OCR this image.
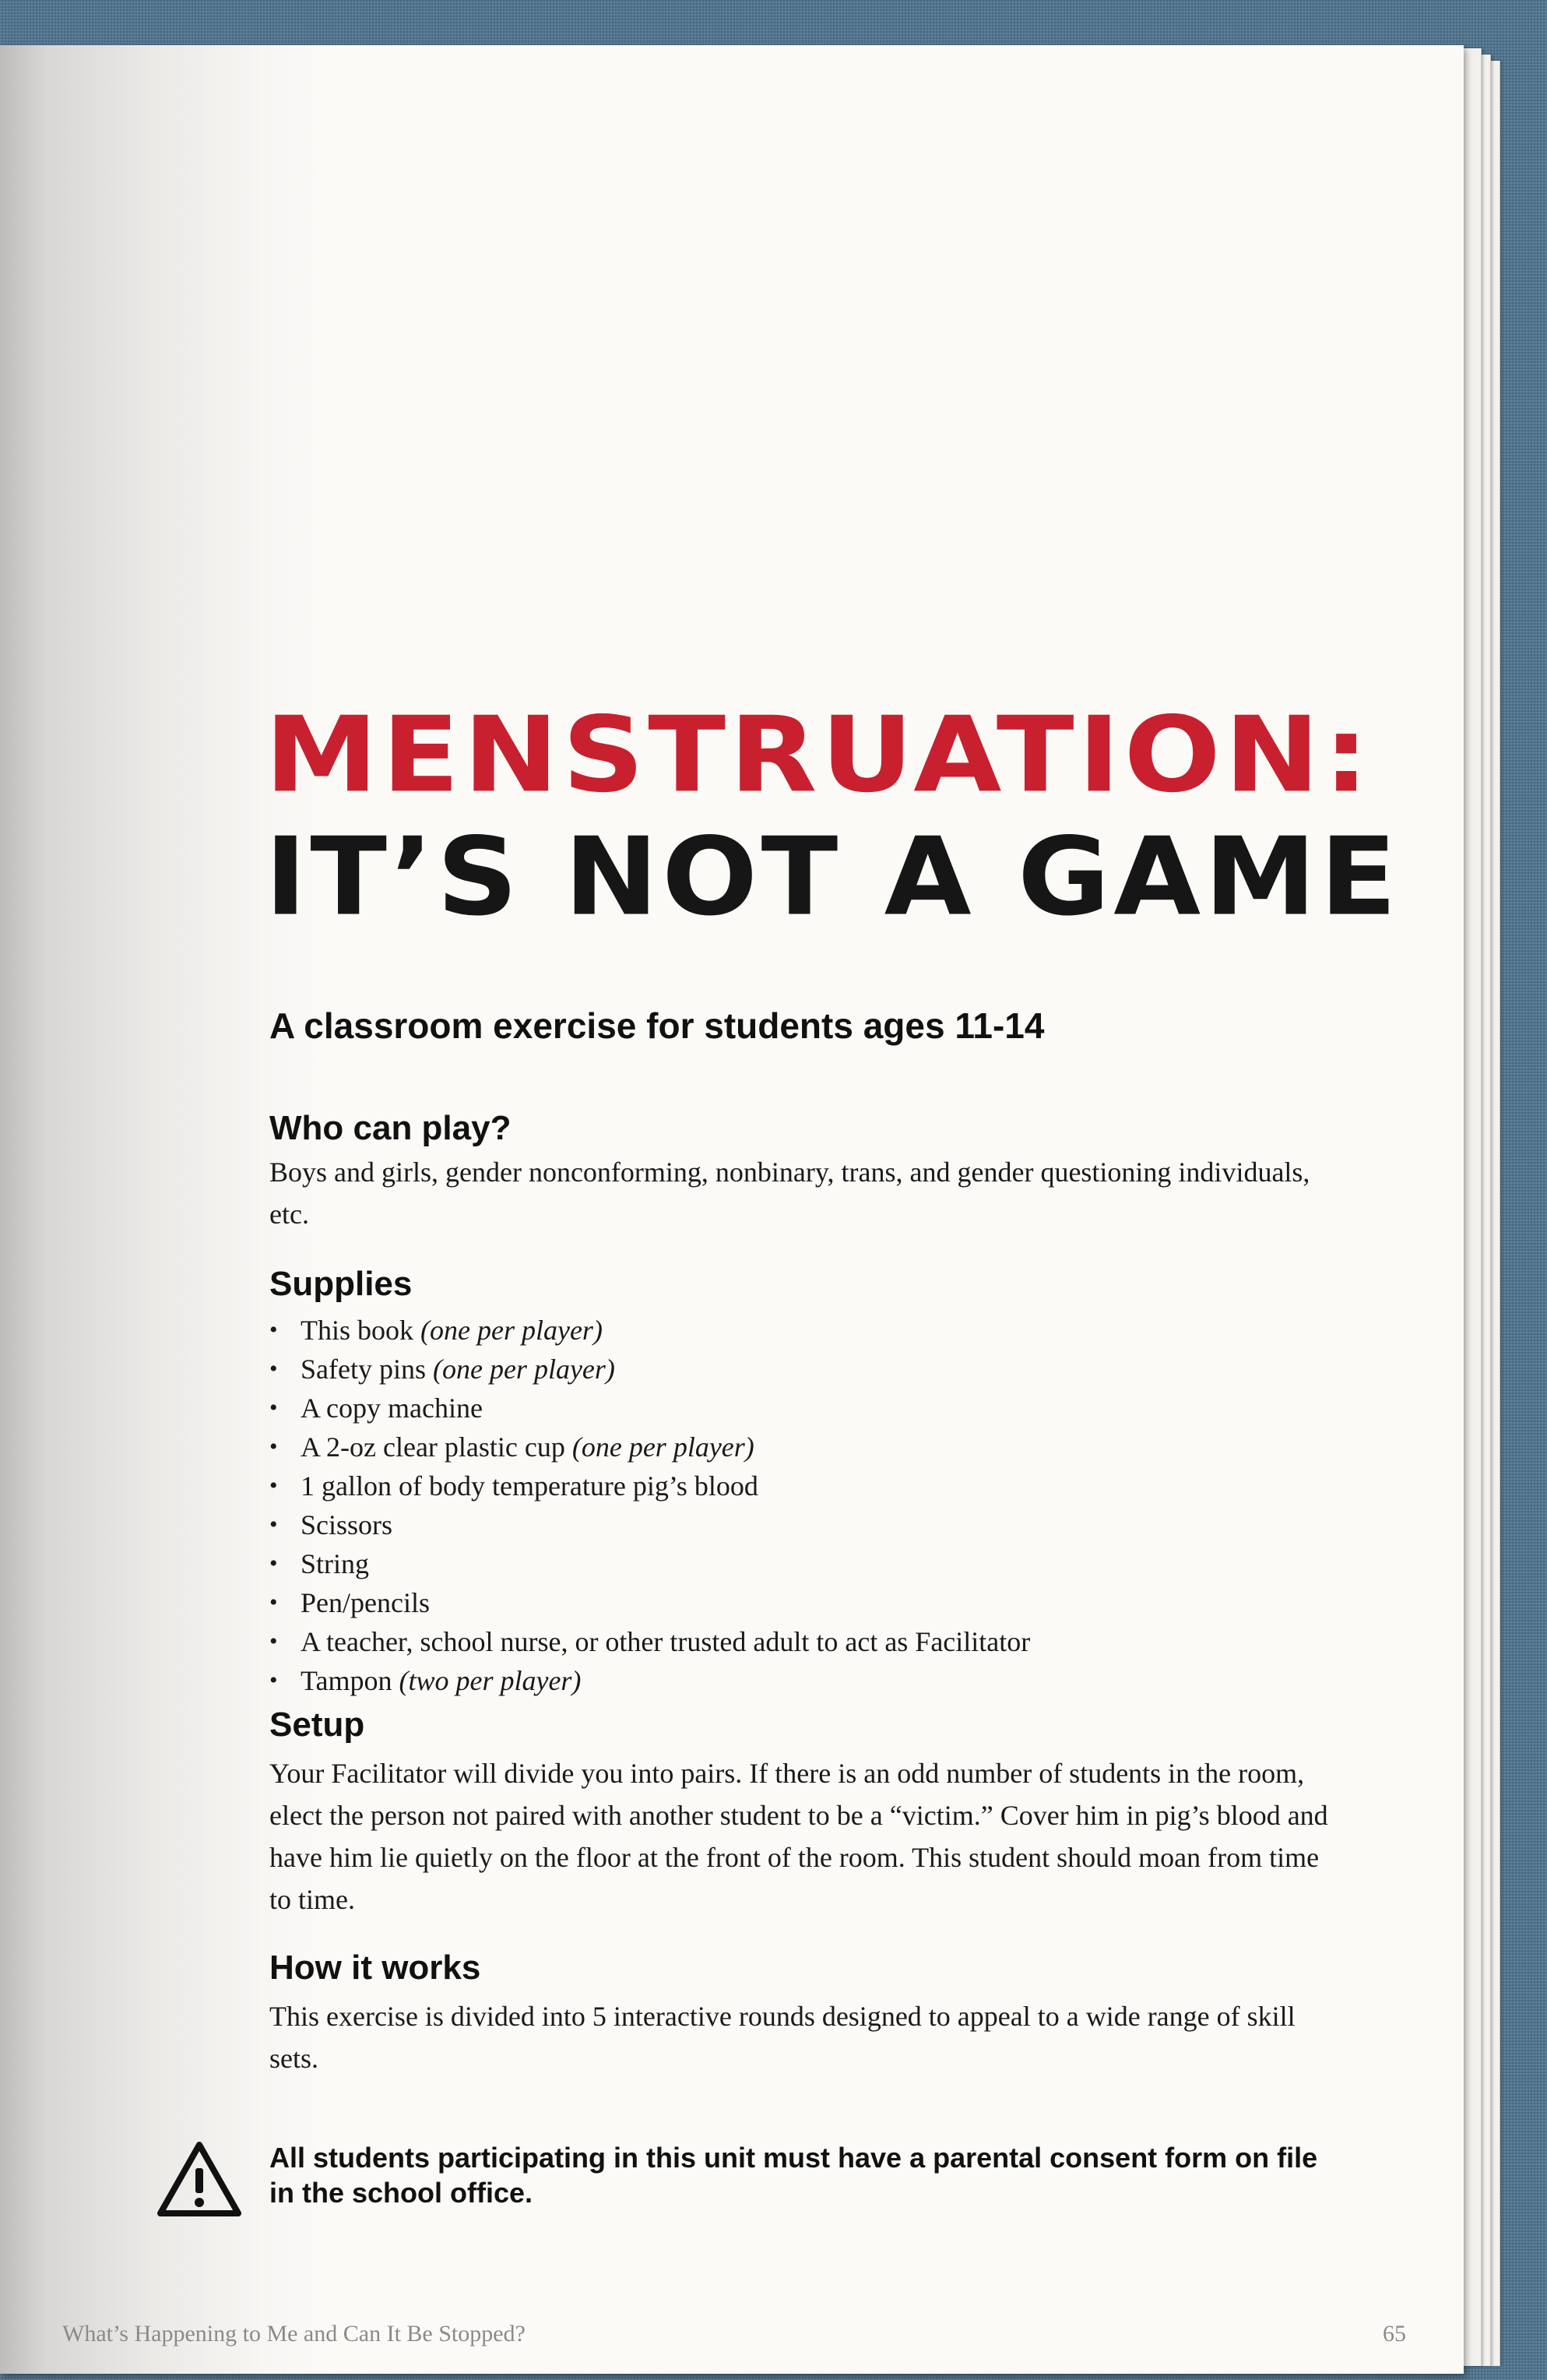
MENSTRUATION:
IT’S NOT A GAME
A classroom exercise for students ages 11-14
Who can play?
Boys and girls, gender nonconforming, nonbinary, trans, and gender questioning individuals, etc.
Supplies
• This book (one per player)
• Safety pins (one per player)
• A copy machine
• A 2-oz clear plastic cup (one per player)
• 1 gallon of body temperature pig’s blood
• Scissors
• String
• Pen/pencils
• A teacher, school nurse, or other trusted adult to act as Facilitator
• Tampon (two per player)
Setup
Your Facilitator will divide you into pairs. If there is an odd number of students in the room, elect the person not paired with another student to be a “victim.” Cover him in pig’s blood and have him lie quietly on the floor at the front of the room. This student should moan from time to time.
How it works
This exercise is divided into 5 interactive rounds designed to appeal to a wide range of skill sets.
All students participating in this unit must have a parental consent form on file in the school office.
What’s Happening to Me and Can It Be Stopped?	65
